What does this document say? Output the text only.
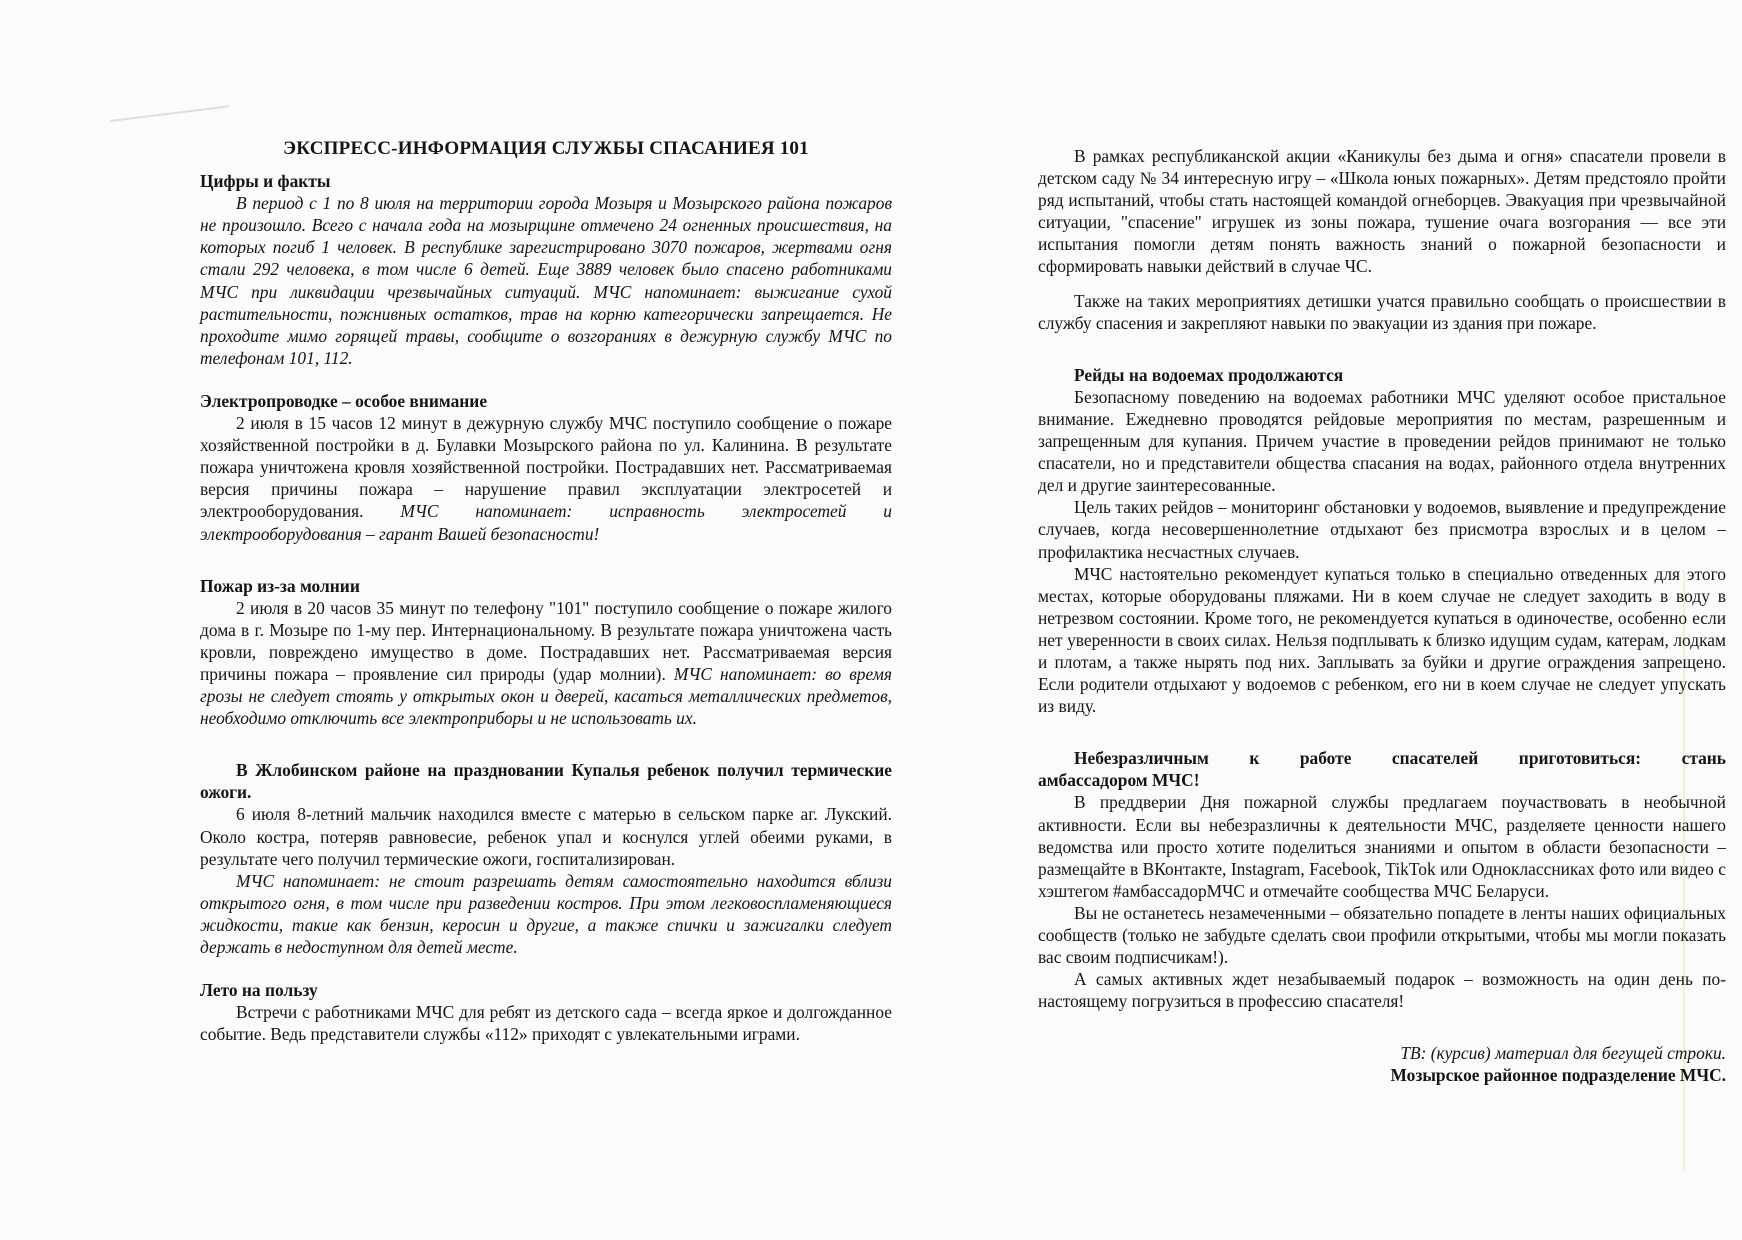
ЭКСПРЕСС-ИНФОРМАЦИЯ СЛУЖБЫ СПАСАНИЕЯ 101

Цифры и факты

В период с 1 по 8 июля на территории города Мозыря и Мозырского района пожаров не произошло. Всего с начала года на мозырщине отмечено 24 огненных происшествия, на которых погиб 1 человек. В республике зарегистрировано 3070 пожаров, жертвами огня стали 292 человека, в том числе 6 детей. Еще 3889 человек было спасено работниками МЧС при ликвидации чрезвычайных ситуаций. МЧС напоминает: выжигание сухой растительности, пожнивных остатков, трав на корню категорически запрещается. Не проходите мимо горящей травы, сообщите о возгораниях в дежурную службу МЧС по телефонам 101, 112.

Электропроводке – особое внимание

2 июля в 15 часов 12 минут в дежурную службу МЧС поступило сообщение о пожаре хозяйственной постройки в д. Булавки Мозырского района по ул. Калинина. В результате пожара уничтожена кровля хозяйственной постройки. Пострадавших нет. Рассматриваемая версия причины пожара – нарушение правил эксплуатации электросетей и электрооборудования. МЧС напоминает: исправность электросетей и электрооборудования – гарант Вашей безопасности!

Пожар из-за молнии

2 июля в 20 часов 35 минут по телефону "101" поступило сообщение о пожаре жилого дома в г. Мозыре по 1-му пер. Интернациональному. В результате пожара уничтожена часть кровли, повреждено имущество в доме. Пострадавших нет. Рассматриваемая версия причины пожара – проявление сил природы (удар молнии). МЧС напоминает: во время грозы не следует стоять у открытых окон и дверей, касаться металлических предметов, необходимо отключить все электроприборы и не использовать их.

В Жлобинском районе на праздновании Купалья ребенок получил термические ожоги.

6 июля 8-летний мальчик находился вместе с матерью в сельском парке аг. Лукский. Около костра, потеряв равновесие, ребенок упал и коснулся углей обеими руками, в результате чего получил термические ожоги, госпитализирован.

МЧС напоминает: не стоит разрешать детям самостоятельно находится вблизи открытого огня, в том числе при разведении костров. При этом легковоспламеняющиеся жидкости, такие как бензин, керосин и другие, а также спички и зажигалки следует держать в недоступном для детей месте.

Лето на пользу

Встречи с работниками МЧС для ребят из детского сада – всегда яркое и долгожданное событие. Ведь представители службы «112» приходят с увлекательными играми.

В рамках республиканской акции «Каникулы без дыма и огня» спасатели провели в детском саду № 34 интересную игру – «Школа юных пожарных». Детям предстояло пройти ряд испытаний, чтобы стать настоящей командой огнеборцев. Эвакуация при чрезвычайной ситуации, "спасение" игрушек из зоны пожара, тушение очага возгорания — все эти испытания помогли детям понять важность знаний о пожарной безопасности и сформировать навыки действий в случае ЧС.

Также на таких мероприятиях детишки учатся правильно сообщать о происшествии в службу спасения и закрепляют навыки по эвакуации из здания при пожаре.

Рейды на водоемах продолжаются

Безопасному поведению на водоемах работники МЧС уделяют особое пристальное внимание. Ежедневно проводятся рейдовые мероприятия по местам, разрешенным и запрещенным для купания. Причем участие в проведении рейдов принимают не только спасатели, но и представители общества спасания на водах, районного отдела внутренних дел и другие заинтересованные.

Цель таких рейдов – мониторинг обстановки у водоемов, выявление и предупреждение случаев, когда несовершеннолетние отдыхают без присмотра взрослых и в целом – профилактика несчастных случаев.

МЧС настоятельно рекомендует купаться только в специально отведенных для этого местах, которые оборудованы пляжами. Ни в коем случае не следует заходить в воду в нетрезвом состоянии. Кроме того, не рекомендуется купаться в одиночестве, особенно если нет уверенности в своих силах. Нельзя подплывать к близко идущим судам, катерам, лодкам и плотам, а также нырять под них. Заплывать за буйки и другие ограждения запрещено. Если родители отдыхают у водоемов с ребенком, его ни в коем случае не следует упускать из виду.

Небезразличным к работе спасателей приготовиться: стань

амбассадором МЧС!

В преддверии Дня пожарной службы предлагаем поучаствовать в необычной активности. Если вы небезразличны к деятельности МЧС, разделяете ценности нашего ведомства или просто хотите поделиться знаниями и опытом в области безопасности – размещайте в ВКонтакте, Instagram, Facebook, TikTok или Одноклассниках фото или видео с хэштегом #амбассадорМЧС и отмечайте сообщества МЧС Беларуси.

Вы не останетесь незамеченными – обязательно попадете в ленты наших официальных сообществ (только не забудьте сделать свои профили открытыми, чтобы мы могли показать вас своим подписчикам!).

А самых активных ждет незабываемый подарок – возможность на один день по-настоящему погрузиться в профессию спасателя!

ТВ: (курсив) материал для бегущей строки.

Мозырское районное подразделение МЧС.
